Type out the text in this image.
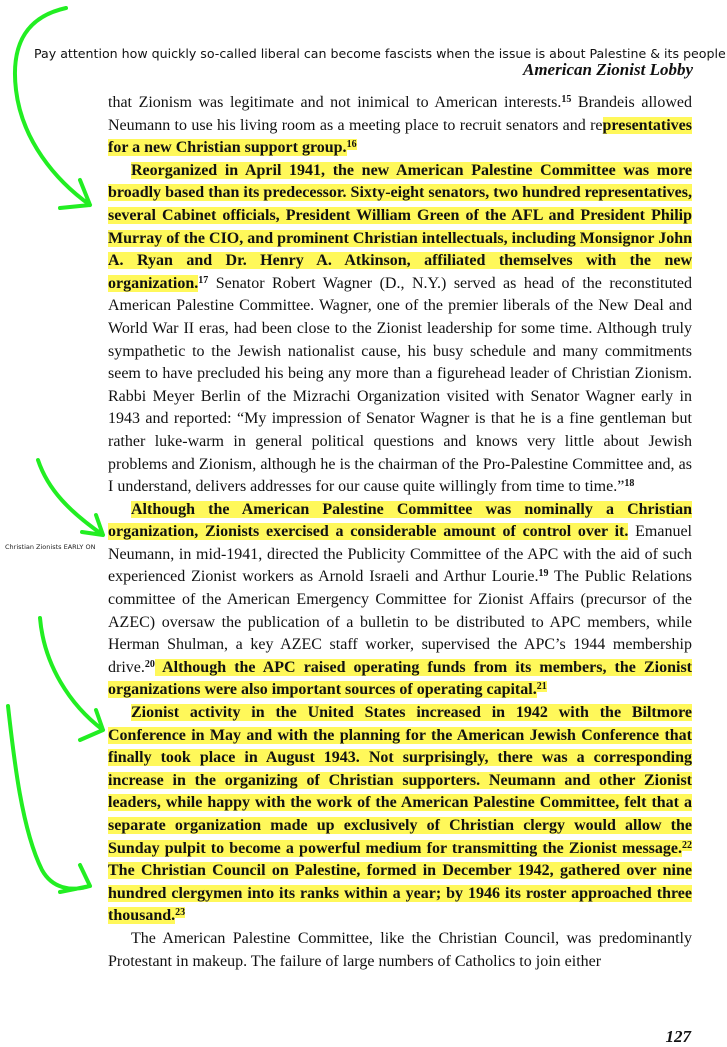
Pay attention how quickly so-called liberal can become fascists when the issue is about Palestine & its people
American Zionist Lobby
Christian Zionists EARLY ON

that Zionism was legitimate and not inimical to American interests.$^{15}$ Brandeis allowed Neumann to use his living room as a meeting place to recruit senators and representatives for a new Christian support group.$^{16}$

Reorganized in April 1941, the new American Palestine Committee was more broadly based than its predecessor. Sixty-eight senators, two hundred representatives, several Cabinet officials, President William Green of the AFL and President Philip Murray of the CIO, and prominent Christian intellectuals, including Monsignor John A. Ryan and Dr. Henry A. Atkinson, affiliated themselves with the new organization.$^{17}$ Senator Robert Wagner (D., N.Y.) served as head of the reconstituted American Palestine Committee. Wagner, one of the premier liberals of the New Deal and World War II eras, had been close to the Zionist leadership for some time. Although truly sympathetic to the Jewish nationalist cause, his busy schedule and many commitments seem to have precluded his being any more than a figurehead leader of Christian Zionism. Rabbi Meyer Berlin of the Mizrachi Organization visited with Senator Wagner early in 1943 and reported: “My impression of Senator Wagner is that he is a fine gentleman but rather luke-warm in general political questions and knows very little about Jewish problems and Zionism, although he is the chairman of the Pro-Palestine Committee and, as I understand, delivers addresses for our cause quite willingly from time to time.”$^{18}$

Although the American Palestine Committee was nominally a Christian organization, Zionists exercised a considerable amount of control over it. Emanuel Neumann, in mid-1941, directed the Publicity Committee of the APC with the aid of such experienced Zionist workers as Arnold Israeli and Arthur Lourie.$^{19}$ The Public Relations committee of the American Emergency Committee for Zionist Affairs (precursor of the AZEC) oversaw the publication of a bulletin to be distributed to APC members, while Herman Shulman, a key AZEC staff worker, supervised the APC’s 1944 membership drive.$^{20}$ Although the APC raised operating funds from its members, the Zionist organizations were also important sources of operating capital.$^{21}$

Zionist activity in the United States increased in 1942 with the Biltmore Conference in May and with the planning for the American Jewish Conference that finally took place in August 1943. Not surprisingly, there was a corresponding increase in the organizing of Christian supporters. Neumann and other Zionist leaders, while happy with the work of the American Palestine Committee, felt that a separate organization made up exclusively of Christian clergy would allow the Sunday pulpit to become a powerful medium for transmitting the Zionist message.$^{22}$ The Christian Council on Palestine, formed in December 1942, gathered over nine hundred clergymen into its ranks within a year; by 1946 its roster approached three thousand.$^{23}$

The American Palestine Committee, like the Christian Council, was predominantly Protestant in makeup. The failure of large numbers of Catholics to join either

127
